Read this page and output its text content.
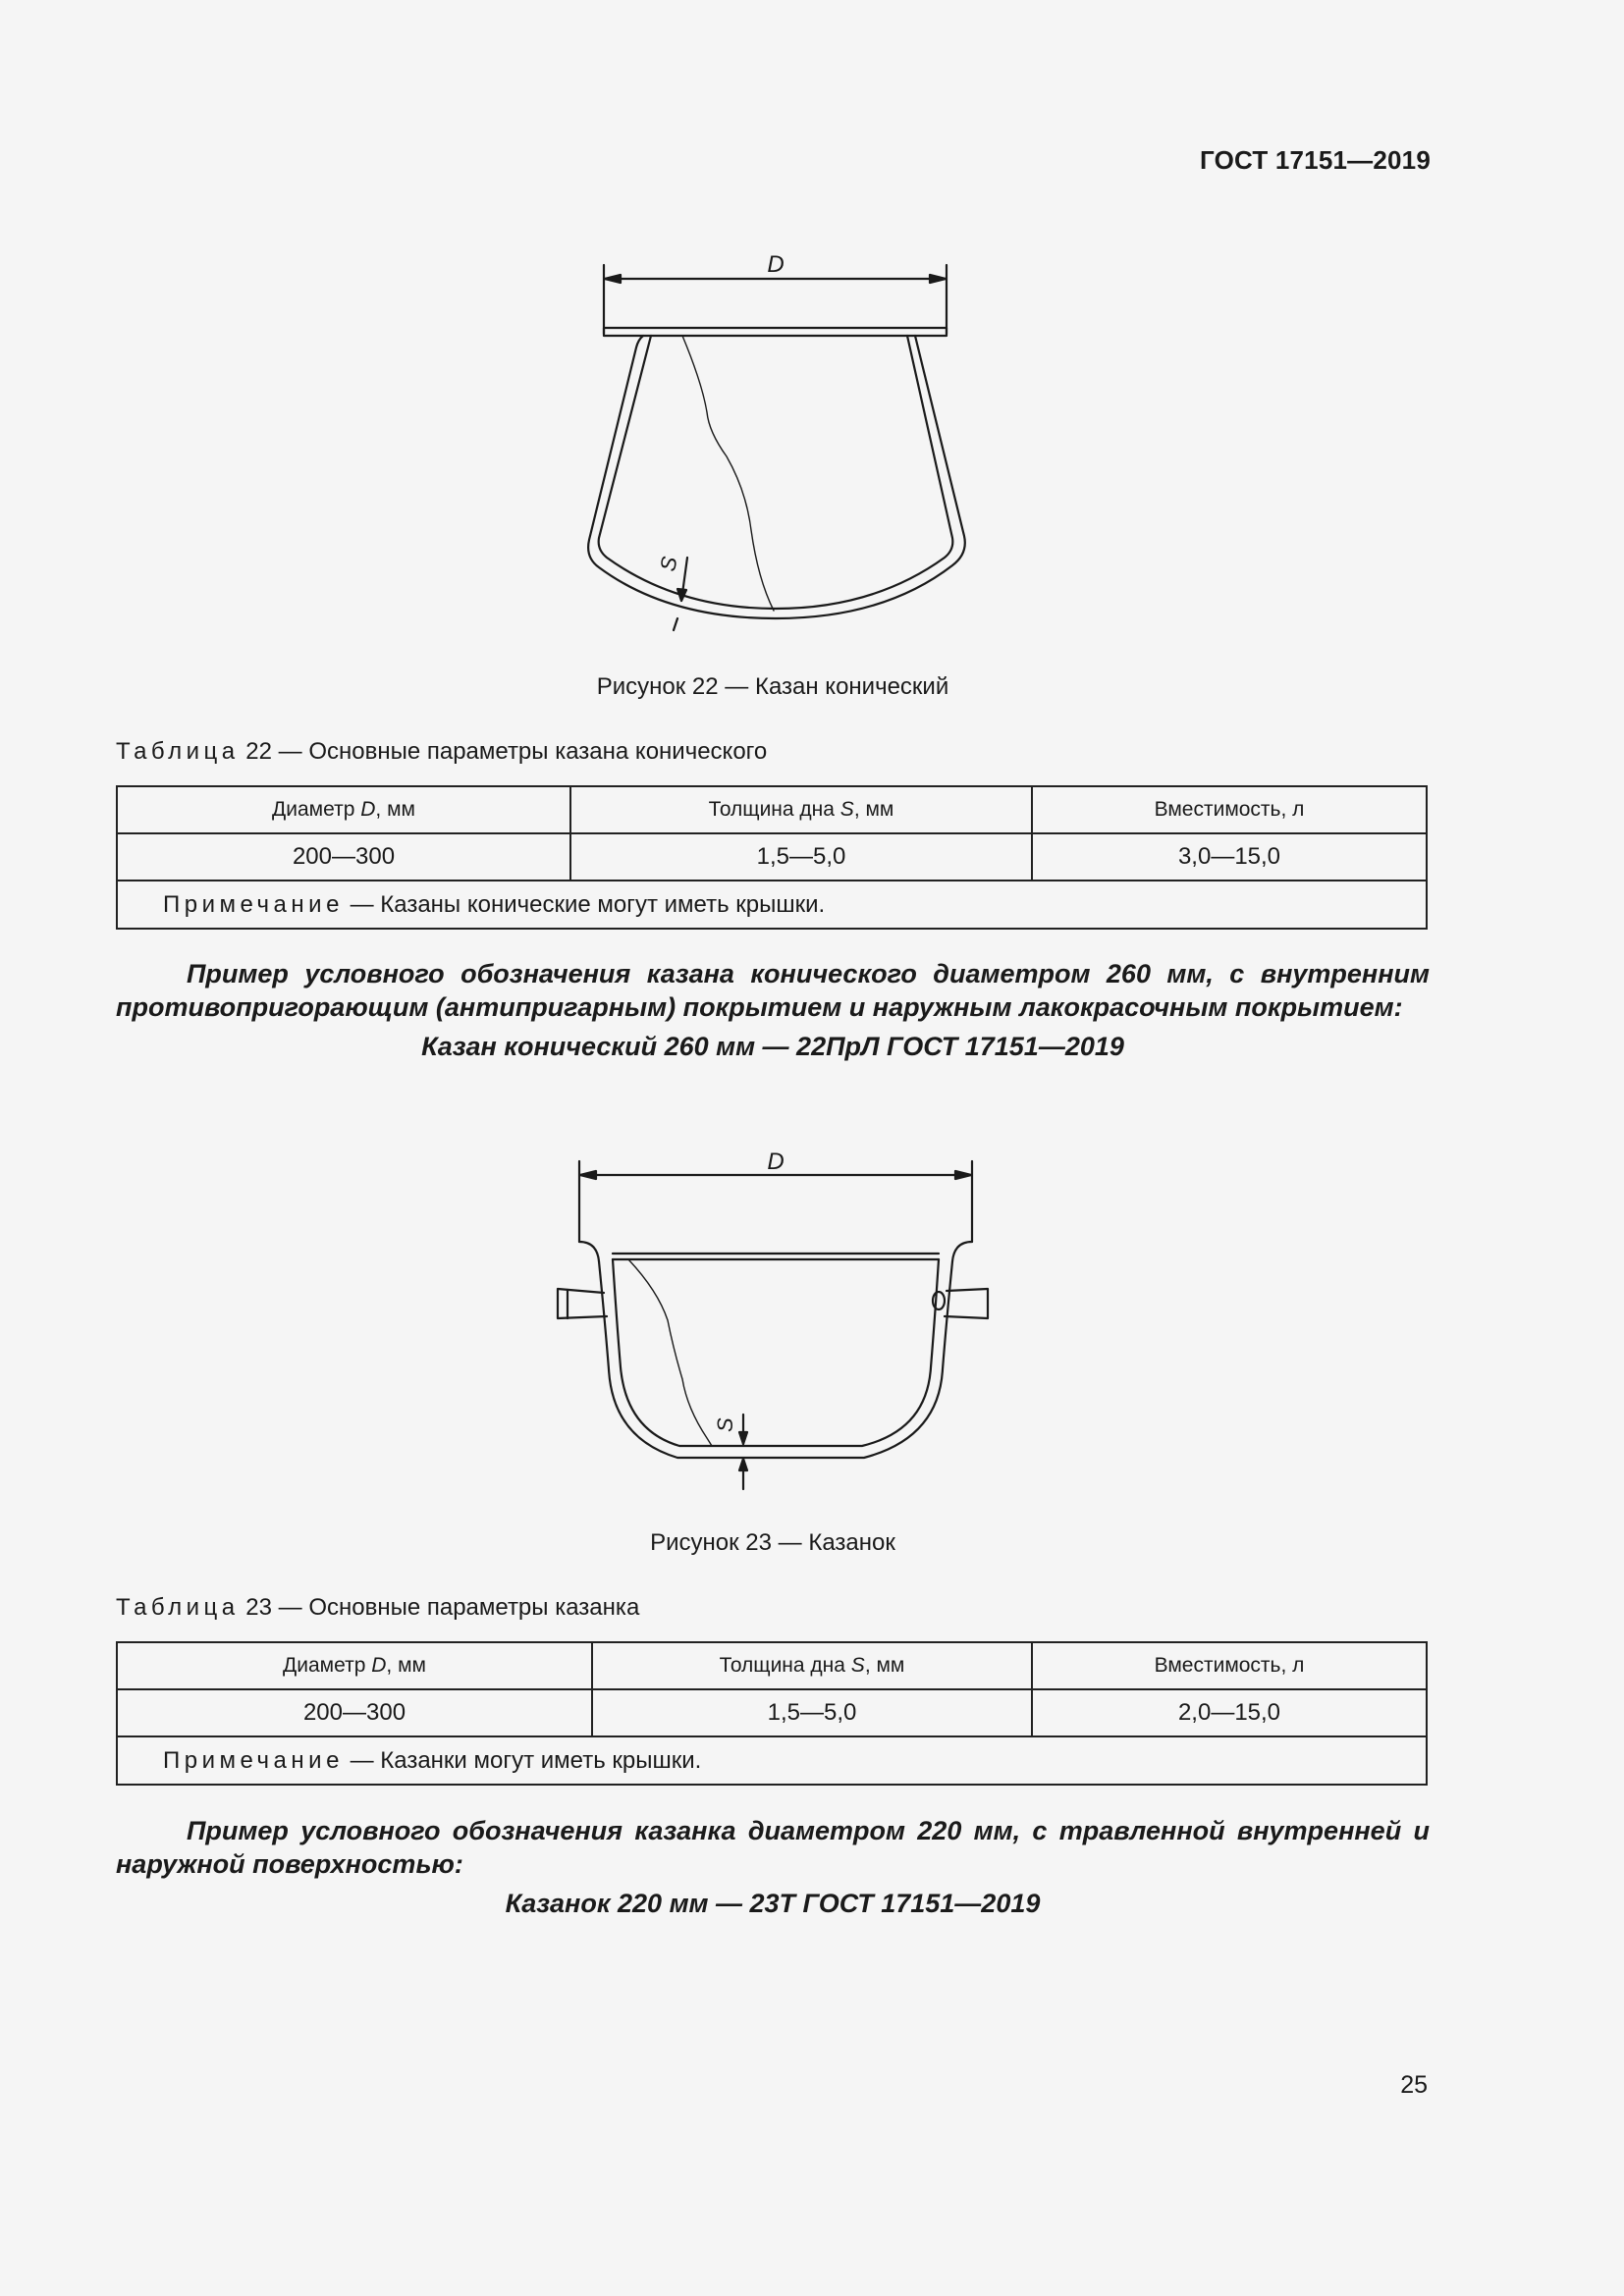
ГОСТ 17151—2019
D
S
Рисунок 22 — Казан конический
Таблица 22 — Основные параметры казана конического
Диаметр D, мм	Толщина дна S, мм	Вместимость, л
200—300	1,5—5,0	3,0—15,0
Примечание — Казаны конические могут иметь крышки.		
Пример условного обозначения казана конического диаметром 260 мм, с внутренним противопригорающим (антипригарным) покрытием и наружным лакокрасочным покрытием:
Казан конический 260 мм — 22ПрЛ ГОСТ 17151—2019
D
S
Рисунок 23 — Казанок
Таблица 23 — Основные параметры казанка
Диаметр D, мм	Толщина дна S, мм	Вместимость, л
200—300	1,5—5,0	2,0—15,0
Примечание — Казанки могут иметь крышки.		
Пример условного обозначения казанка диаметром 220 мм, с травленной внутренней и наружной поверхностью:
Казанок 220 мм — 23Т ГОСТ 17151—2019
25
